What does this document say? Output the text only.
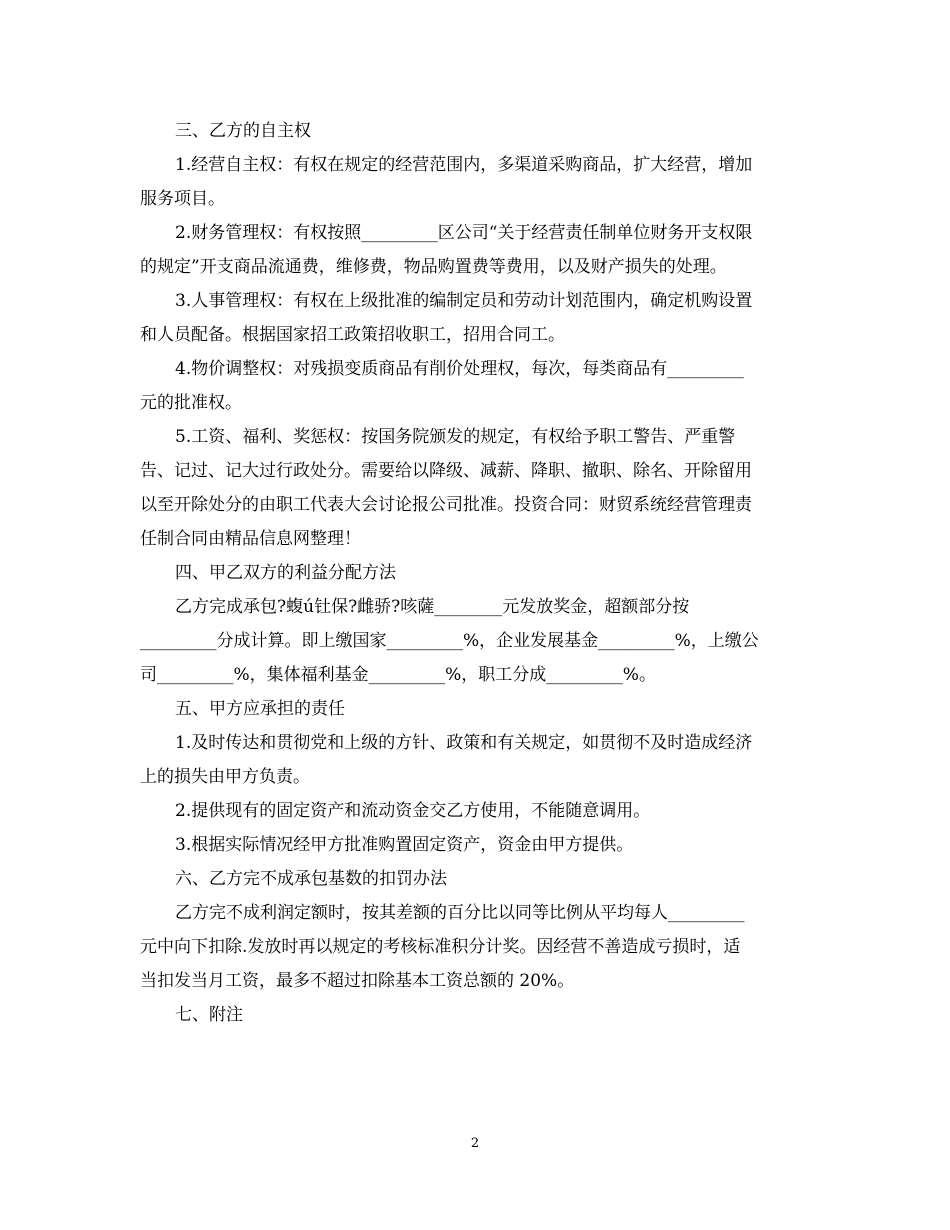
三、乙方的自主权
1.经营自主权：有权在规定的经营范围内，多渠道采购商品，扩大经营，增加
服务项目。
2.财务管理权：有权按照_________区公司“关于经营责任制单位财务开支权限
的规定”开支商品流通费，维修费，物品购置费等费用，以及财产损失的处理。
3.人事管理权：有权在上级批准的编制定员和劳动计划范围内，确定机购设置
和人员配备。根据国家招工政策招收职工，招用合同工。
4.物价调整权：对残损变质商品有削价处理权，每次，每类商品有_________
元的批准权。
5.工资、福利、奖惩权：按国务院颁发的规定，有权给予职工警告、严重警
告、记过、记大过行政处分。需要给以降级、减薪、降职、撤职、除名、开除留用
以至开除处分的由职工代表大会讨论报公司批准。投资合同：财贸系统经营管理责
任制合同由精品信息网整理！
四、甲乙双方的利益分配方法
乙方完成承包?蝮ú钍保?雌骄?咳薩________元发放奖金，超额部分按
_________分成计算。即上缴国家_________%，企业发展基金_________%，上缴公
司_________%，集体福利基金_________%，职工分成_________%。
五、甲方应承担的责任
1.及时传达和贯彻党和上级的方针、政策和有关规定，如贯彻不及时造成经济
上的损失由甲方负责。
2.提供现有的固定资产和流动资金交乙方使用，不能随意调用。
3.根据实际情况经甲方批准购置固定资产，资金由甲方提供。
六、乙方完不成承包基数的扣罚办法
乙方完不成利润定额时，按其差额的百分比以同等比例从平均每人_________
元中向下扣除.发放时再以规定的考核标准积分计奖。因经营不善造成亏损时，适
当扣发当月工资，最多不超过扣除基本工资总额的 20%。
七、附注
2
